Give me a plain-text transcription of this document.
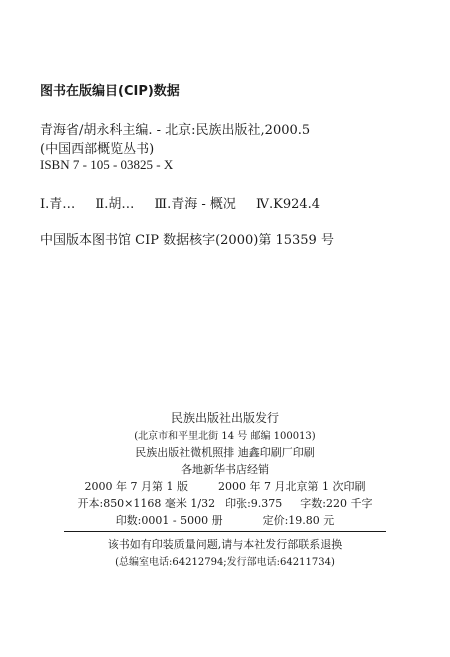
图书在版编目(CIP)数据
青海省/胡永科主编. - 北京:民族出版社,2000.5
(中国西部概览丛书)
ISBN 7 - 105 - 03825 - X
Ⅰ.青… Ⅱ.胡… Ⅲ.青海 - 概况 Ⅳ.K924.4
中国版本图书馆 CIP 数据核字(2000)第 15359 号
民族出版社出版发行
(北京市和平里北街 14 号 邮编 100013)
民族出版社微机照排 迪鑫印刷厂印刷
各地新华书店经销
2000 年 7 月第 1 版	2000 年 7 月北京第 1 次印刷
开本:850×1168 毫米 1/32 印张:9.375 字数:220 千字
印数:0001 - 5000 册	定价:19.80 元
该书如有印装质量问题,请与本社发行部联系退换
(总编室电话:64212794;发行部电话:64211734)
